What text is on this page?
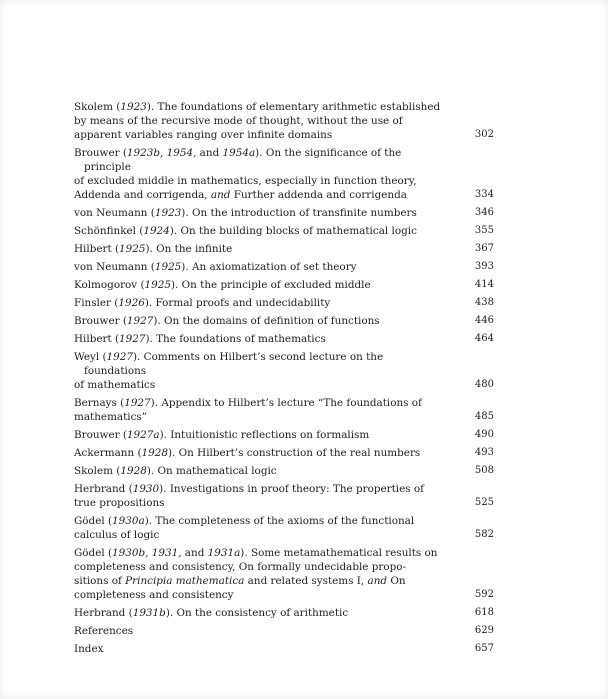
Skolem (1923). The foundations of elementary arithmetic established
by means of the recursive mode of thought, without the use of
apparent variables ranging over infinite domains	302
Brouwer (1923b, 1954, and 1954a). On the significance of the principle
of excluded middle in mathematics, especially in function theory,
Addenda and corrigenda, and Further addenda and corrigenda	334
von Neumann (1923). On the introduction of transfinite numbers	346
Schönfinkel (1924). On the building blocks of mathematical logic	355
Hilbert (1925). On the infinite	367
von Neumann (1925). An axiomatization of set theory	393
Kolmogorov (1925). On the principle of excluded middle	414
Finsler (1926). Formal proofs and undecidability	438
Brouwer (1927). On the domains of definition of functions	446
Hilbert (1927). The foundations of mathematics	464
Weyl (1927). Comments on Hilbert’s second lecture on the foundations
of mathematics	480
Bernays (1927). Appendix to Hilbert’s lecture “The foundations of
mathematics”	485
Brouwer (1927a). Intuitionistic reflections on formalism	490
Ackermann (1928). On Hilbert’s construction of the real numbers	493
Skolem (1928). On mathematical logic	508
Herbrand (1930). Investigations in proof theory: The properties of
true propositions	525
Gödel (1930a). The completeness of the axioms of the functional
calculus of logic	582
Gödel (1930b, 1931, and 1931a). Some metamathematical results on
completeness and consistency, On formally undecidable propo-
sitions of Principia mathematica and related systems I, and On
completeness and consistency	592
Herbrand (1931b). On the consistency of arithmetic	618
References	629
Index	657
